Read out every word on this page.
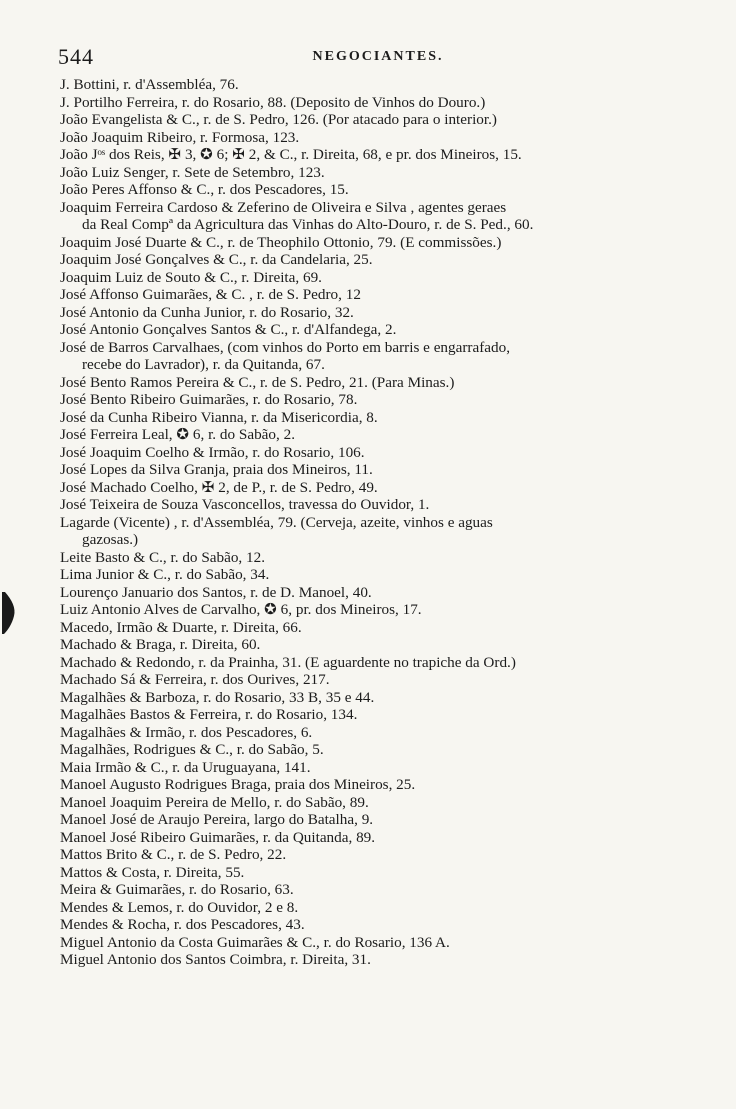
544	NEGOCIANTES.
J. Bottini, r. d'Assembléa, 76.
J. Portilho Ferreira, r. do Rosario, 88. (Deposito de Vinhos do Douro.)
João Evangelista & C., r. de S. Pedro, 126. (Por atacado para o interior.)
João Joaquim Ribeiro, r. Formosa, 123.
João Jᵒˢ dos Reis, ✠ 3, ✪ 6; ✠ 2, & C., r. Direita, 68, e pr. dos Mineiros, 15.
João Luiz Senger, r. Sete de Setembro, 123.
João Peres Affonso & C., r. dos Pescadores, 15.
Joaquim Ferreira Cardoso & Zeferino de Oliveira e Silva , agentes geraes
da Real Compª da Agricultura das Vinhas do Alto-Douro, r. de S. Ped., 60.
Joaquim José Duarte & C., r. de Theophilo Ottonio, 79. (E commissões.)
Joaquim José Gonçalves & C., r. da Candelaria, 25.
Joaquim Luiz de Souto & C., r. Direita, 69.
José Affonso Guimarães, & C. , r. de S. Pedro, 12
José Antonio da Cunha Junior, r. do Rosario, 32.
José Antonio Gonçalves Santos & C., r. d'Alfandega, 2.
José de Barros Carvalhaes, (com vinhos do Porto em barris e engarrafado,
recebe do Lavrador), r. da Quitanda, 67.
José Bento Ramos Pereira & C., r. de S. Pedro, 21. (Para Minas.)
José Bento Ribeiro Guimarães, r. do Rosario, 78.
José da Cunha Ribeiro Vianna, r. da Misericordia, 8.
José Ferreira Leal, ✪ 6, r. do Sabão, 2.
José Joaquim Coelho & Irmão, r. do Rosario, 106.
José Lopes da Silva Granja, praia dos Mineiros, 11.
José Machado Coelho, ✠ 2, de P., r. de S. Pedro, 49.
José Teixeira de Souza Vasconcellos, travessa do Ouvidor, 1.
Lagarde (Vicente) , r. d'Assembléa, 79. (Cerveja, azeite, vinhos e aguas
gazosas.)
Leite Basto & C., r. do Sabão, 12.
Lima Junior & C., r. do Sabão, 34.
Lourenço Januario dos Santos, r. de D. Manoel, 40.
Luiz Antonio Alves de Carvalho, ✪ 6, pr. dos Mineiros, 17.
Macedo, Irmão & Duarte, r. Direita, 66.
Machado & Braga, r. Direita, 60.
Machado & Redondo, r. da Prainha, 31. (E aguardente no trapiche da Ord.)
Machado Sá & Ferreira, r. dos Ourives, 217.
Magalhães & Barboza, r. do Rosario, 33 B, 35 e 44.
Magalhães Bastos & Ferreira, r. do Rosario, 134.
Magalhães & Irmão, r. dos Pescadores, 6.
Magalhães, Rodrigues & C., r. do Sabão, 5.
Maia Irmão & C., r. da Uruguayana, 141.
Manoel Augusto Rodrigues Braga, praia dos Mineiros, 25.
Manoel Joaquim Pereira de Mello, r. do Sabão, 89.
Manoel José de Araujo Pereira, largo do Batalha, 9.
Manoel José Ribeiro Guimarães, r. da Quitanda, 89.
Mattos Brito & C., r. de S. Pedro, 22.
Mattos & Costa, r. Direita, 55.
Meira & Guimarães, r. do Rosario, 63.
Mendes & Lemos, r. do Ouvidor, 2 e 8.
Mendes & Rocha, r. dos Pescadores, 43.
Miguel Antonio da Costa Guimarães & C., r. do Rosario, 136 A.
Miguel Antonio dos Santos Coimbra, r. Direita, 31.
